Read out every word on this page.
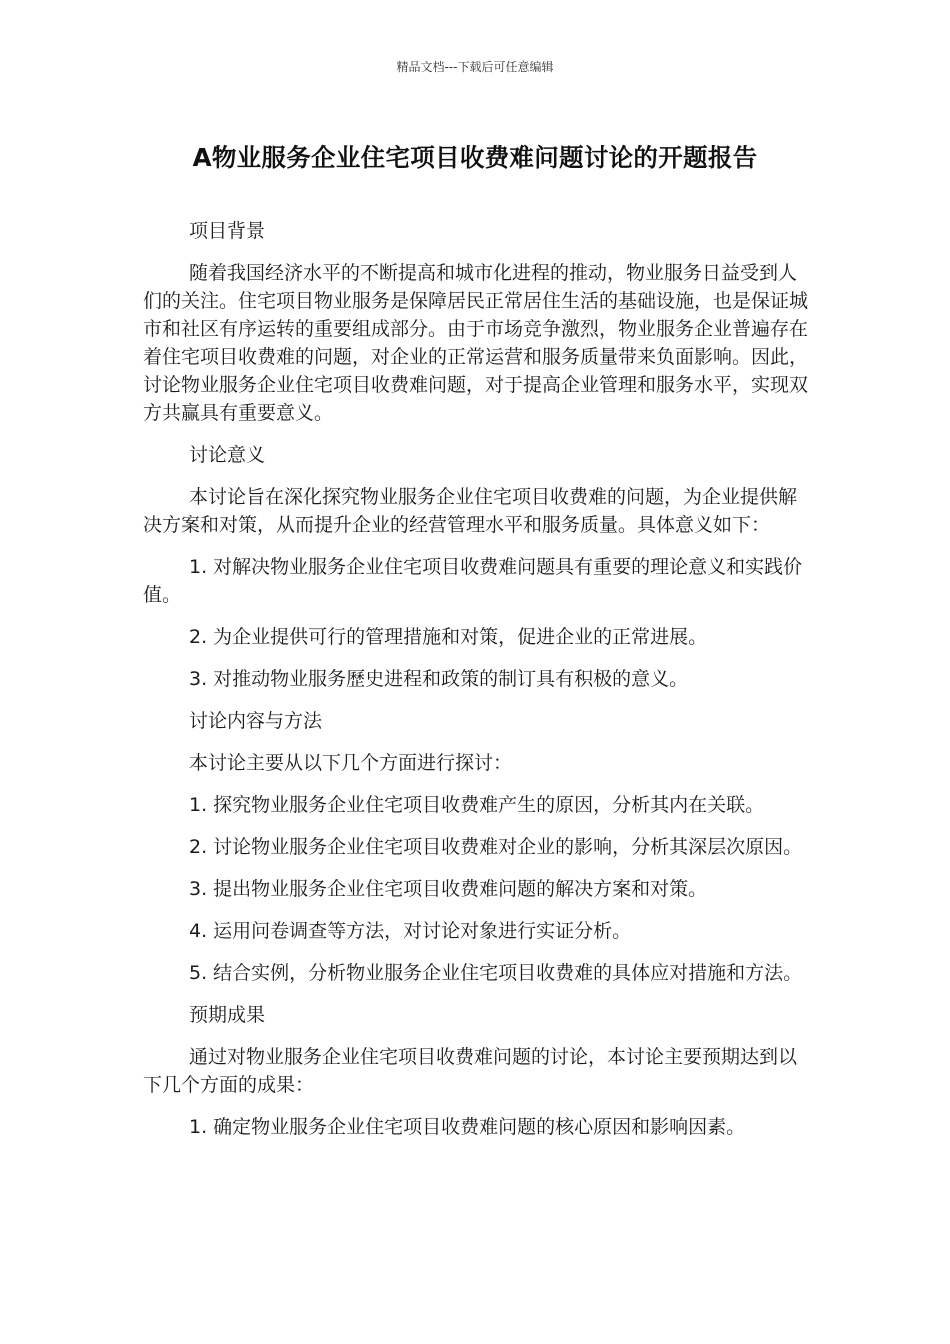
精品文档---下载后可任意编辑
A物业服务企业住宅项目收费难问题讨论的开题报告

项目背景

随着我国经济水平的不断提高和城市化进程的推动，物业服务日益受到人们的关注。住宅项目物业服务是保障居民正常居住生活的基础设施，也是保证城市和社区有序运转的重要组成部分。由于市场竞争激烈，物业服务企业普遍存在着住宅项目收费难的问题，对企业的正常运营和服务质量带来负面影响。因此，讨论物业服务企业住宅项目收费难问题，对于提高企业管理和服务水平，实现双方共赢具有重要意义。

讨论意义

本讨论旨在深化探究物业服务企业住宅项目收费难的问题，为企业提供解决方案和对策，从而提升企业的经营管理水平和服务质量。具体意义如下：

1. 对解决物业服务企业住宅项目收费难问题具有重要的理论意义和实践价值。

2. 为企业提供可行的管理措施和对策，促进企业的正常进展。

3. 对推动物业服务歷史进程和政策的制订具有积极的意义。

讨论内容与方法

本讨论主要从以下几个方面进行探讨：

1. 探究物业服务企业住宅项目收费难产生的原因，分析其内在关联。

2. 讨论物业服务企业住宅项目收费难对企业的影响，分析其深层次原因。

3. 提出物业服务企业住宅项目收费难问题的解决方案和对策。

4. 运用问卷调查等方法，对讨论对象进行实证分析。

5. 结合实例，分析物业服务企业住宅项目收费难的具体应对措施和方法。

预期成果

通过对物业服务企业住宅项目收费难问题的讨论，本讨论主要预期达到以下几个方面的成果：

1. 确定物业服务企业住宅项目收费难问题的核心原因和影响因素。
